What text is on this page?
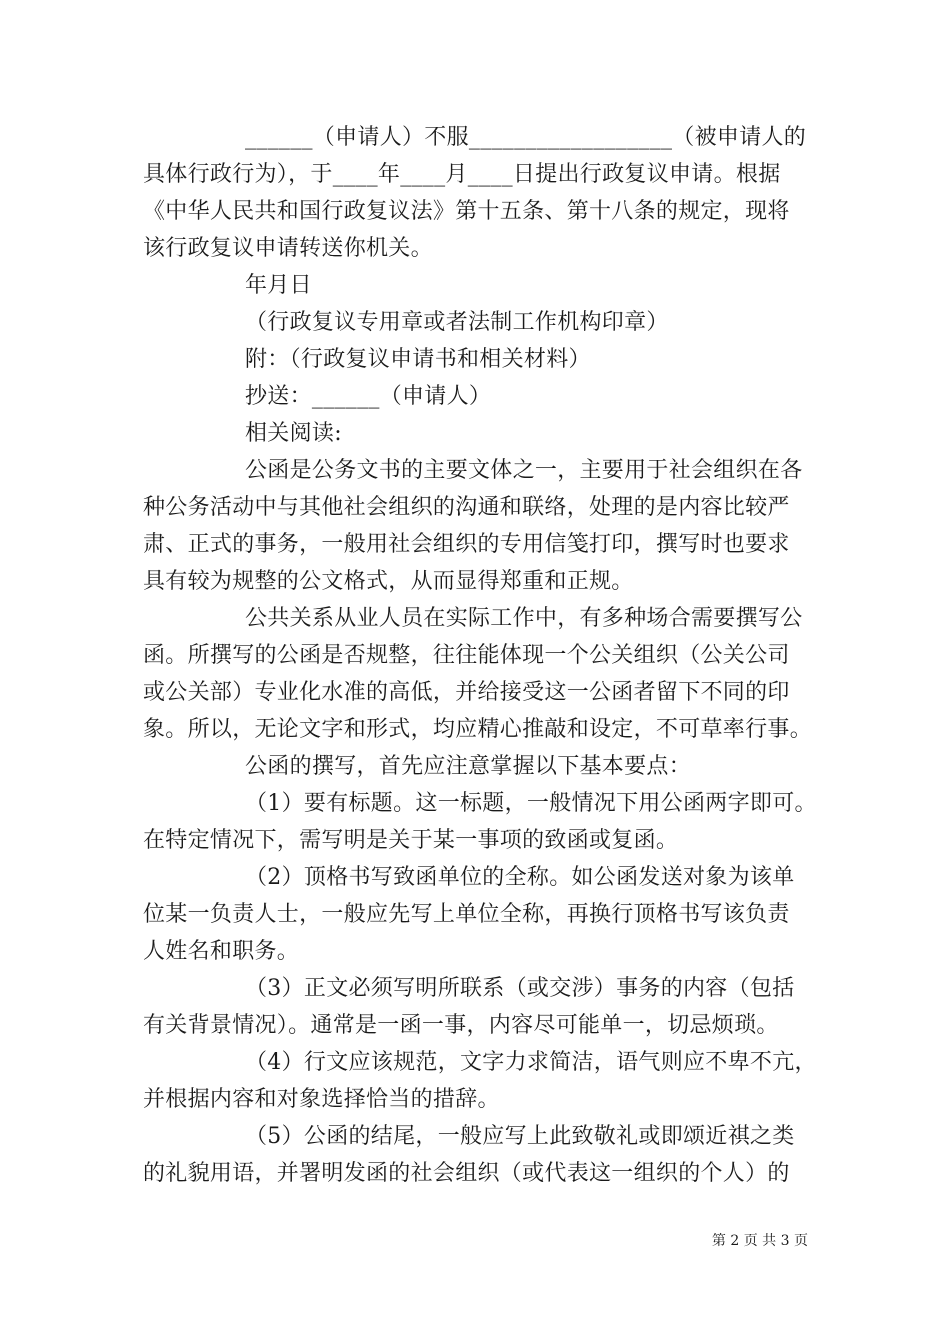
______（申请人）不服__________________（被申请人的
具体行政行为），于____年____月____日提出行政复议申请。根据
《中华人民共和国行政复议法》第十五条、第十八条的规定，现将
该行政复议申请转送你机关。
年月日
（行政复议专用章或者法制工作机构印章）
附：（行政复议申请书和相关材料）
抄送：______（申请人）
相关阅读:
公函是公务文书的主要文体之一，主要用于社会组织在各
种公务活动中与其他社会组织的沟通和联络，处理的是内容比较严
肃、正式的事务，一般用社会组织的专用信笺打印，撰写时也要求
具有较为规整的公文格式，从而显得郑重和正规。
公共关系从业人员在实际工作中，有多种场合需要撰写公
函。所撰写的公函是否规整，往往能体现一个公关组织（公关公司
或公关部）专业化水准的高低，并给接受这一公函者留下不同的印
象。所以，无论文字和形式，均应精心推敲和设定，不可草率行事。
公函的撰写，首先应注意掌握以下基本要点：
（1）要有标题。这一标题，一般情况下用公函两字即可。
在特定情况下，需写明是关于某一事项的致函或复函。
（2）顶格书写致函单位的全称。如公函发送对象为该单
位某一负责人士，一般应先写上单位全称，再换行顶格书写该负责
人姓名和职务。
（3）正文必须写明所联系（或交涉）事务的内容（包括
有关背景情况）。通常是一函一事，内容尽可能单一，切忌烦琐。
（4）行文应该规范，文字力求简洁，语气则应不卑不亢，
并根据内容和对象选择恰当的措辞。
（5）公函的结尾，一般应写上此致敬礼或即颂近祺之类
的礼貌用语，并署明发函的社会组织（或代表这一组织的个人）的
第 2 页 共 3 页
